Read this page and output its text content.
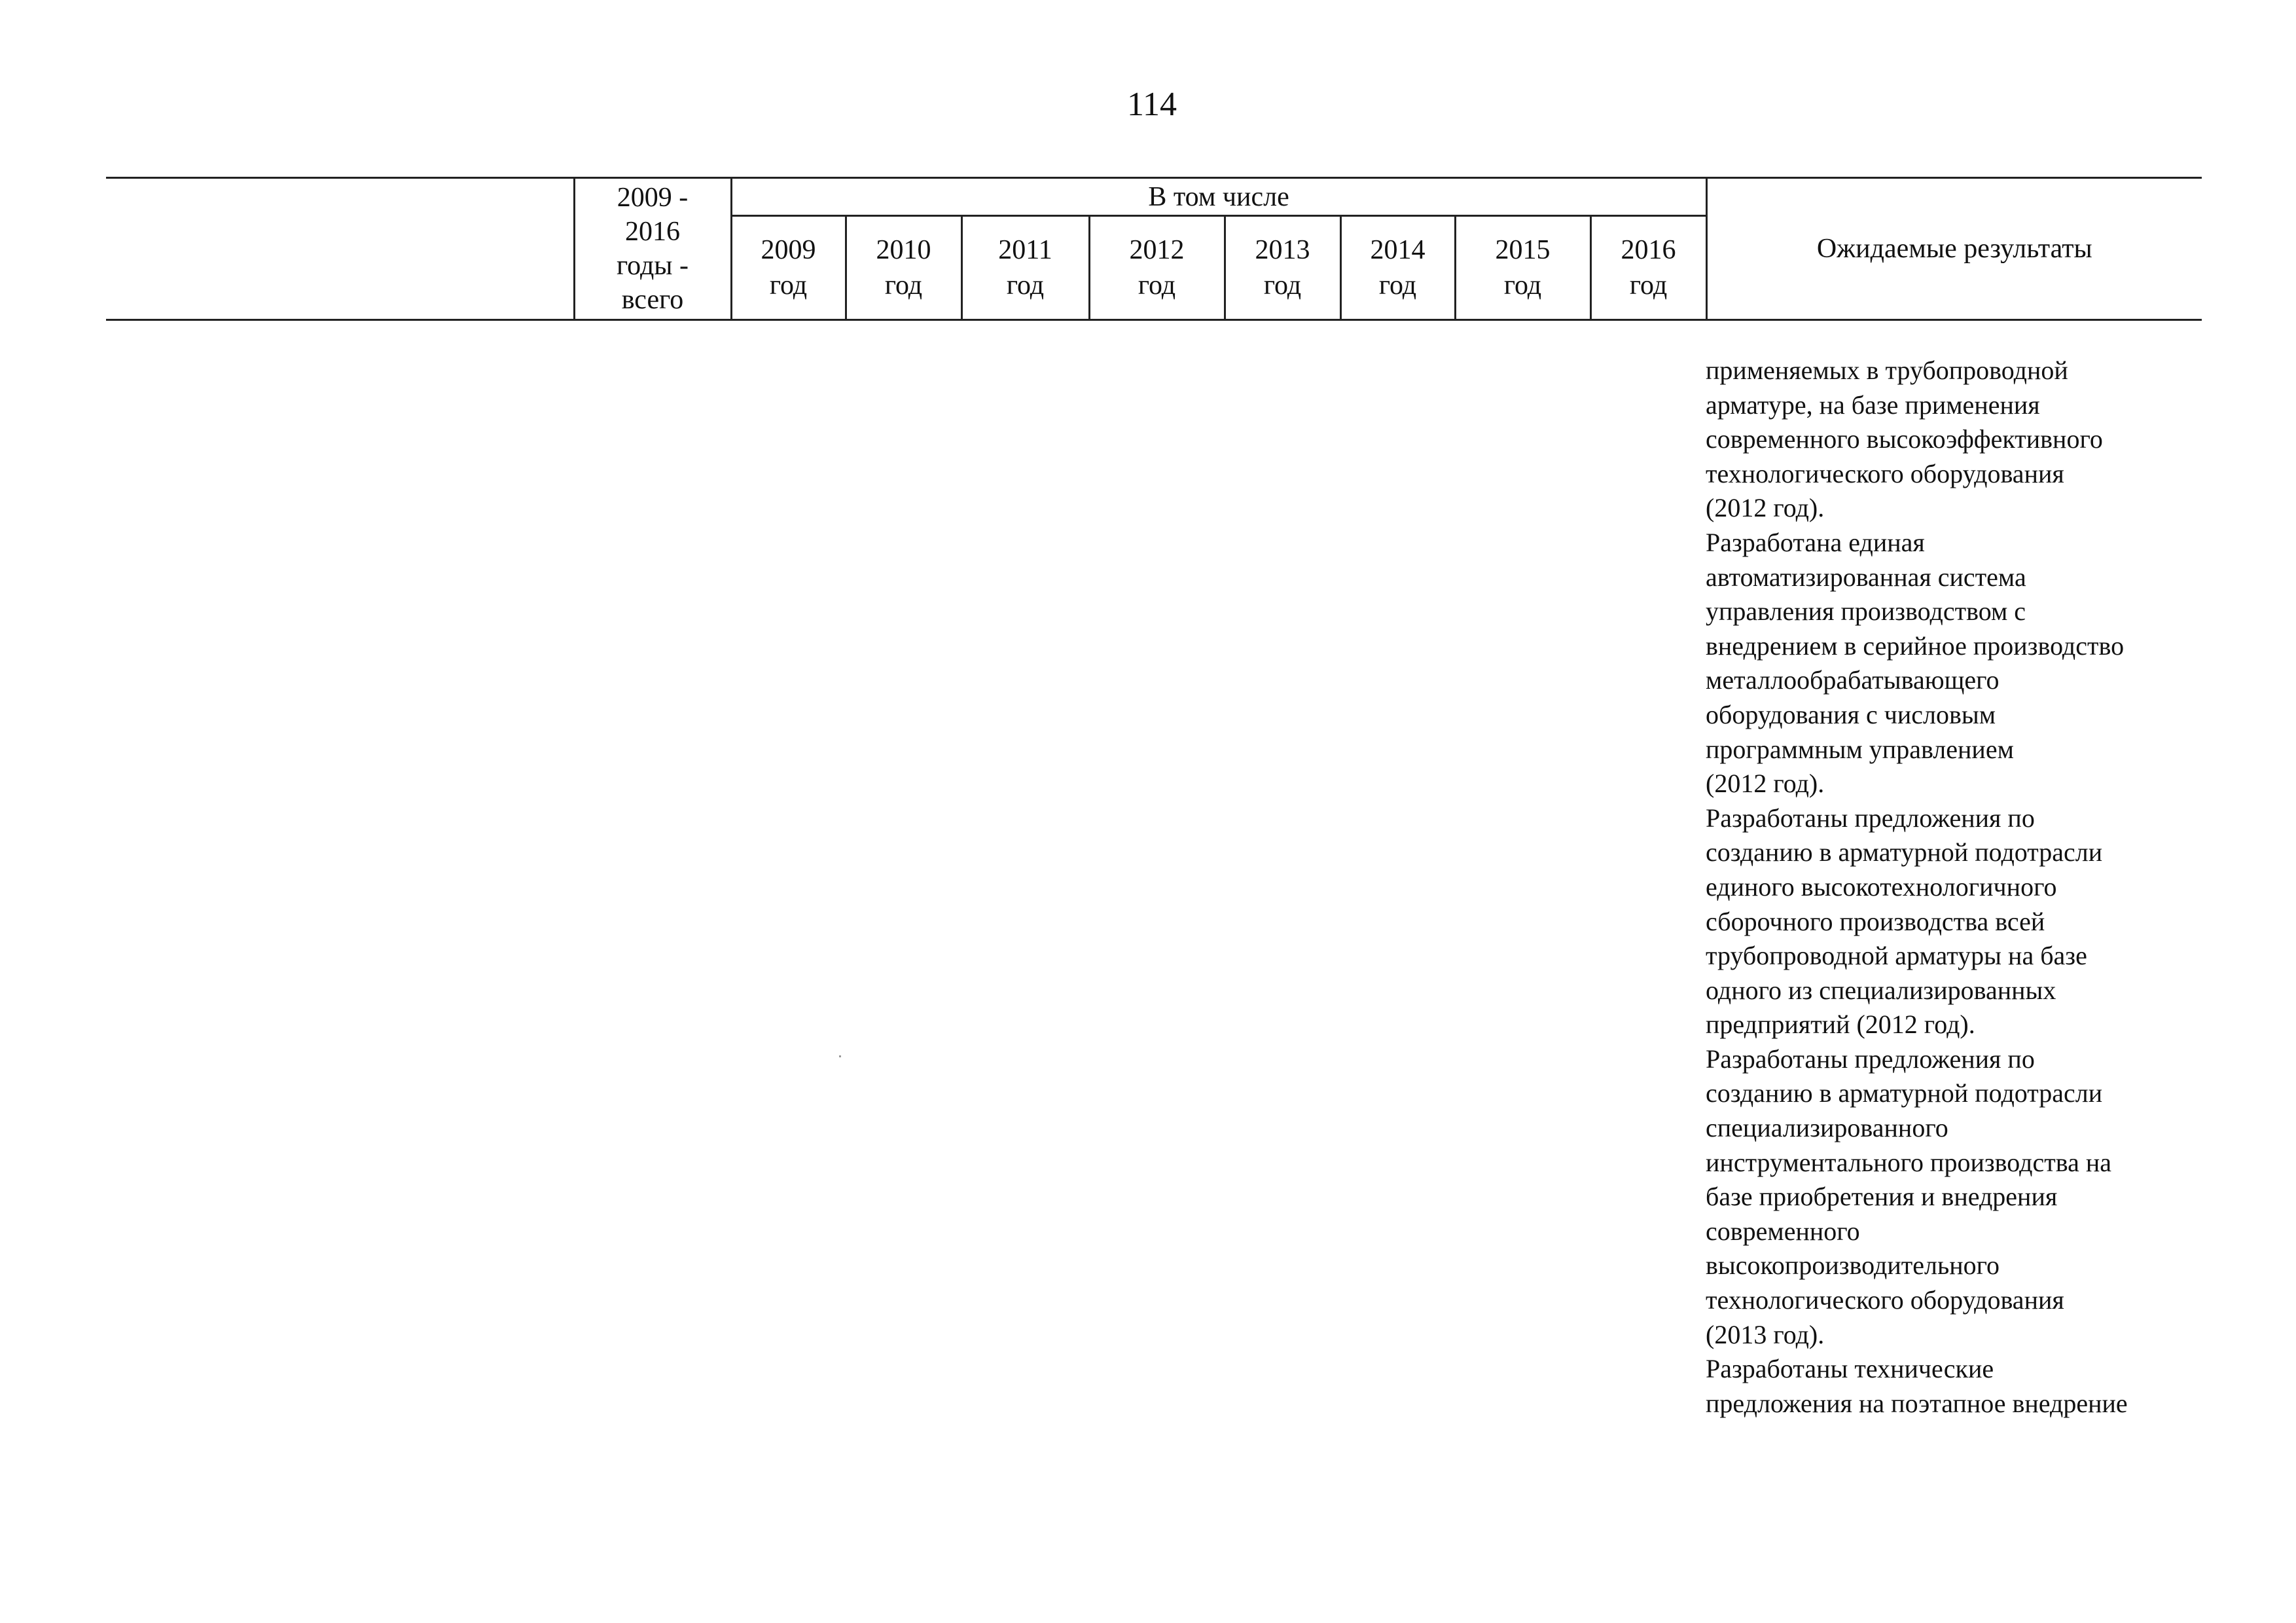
114

	2009 -
2016
годы -
всего	В том числе								Ожидаемые результаты

		2009
год	2010
год	2011
год	2012
год	2013
год	2014
год	2015
год	2016
год	

применяемых в трубопроводной

арматуре, на базе применения

современного высокоэффективного

технологического оборудования

(2012 год).

Разработана единая

автоматизированная система

управления производством с

внедрением в серийное производство

металлообрабатывающего

оборудования с числовым

программным управлением

(2012 год).

Разработаны предложения по

созданию в арматурной подотрасли

единого высокотехнологичного

сборочного производства всей

трубопроводной арматуры на базе

одного из специализированных

предприятий (2012 год).

Разработаны предложения по

созданию в арматурной подотрасли

специализированного

инструментального производства на

базе приобретения и внедрения

современного

высокопроизводительного

технологического оборудования

(2013 год).

Разработаны технические

предложения на поэтапное внедрение
